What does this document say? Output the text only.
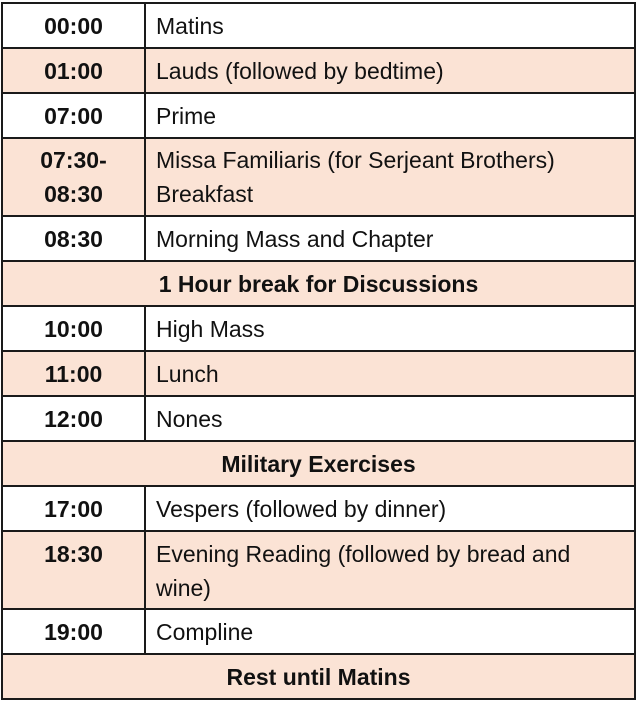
00:00	Matins
01:00	Lauds (followed by bedtime)
07:00	Prime

07:30-08:30	Missa Familiaris (for Serjeant Brothers) Breakfast

08:30	Morning Mass and Chapter
1 Hour break for Discussions	
10:00	High Mass
11:00	Lunch
12:00	Nones
Military Exercises	
17:00	Vespers (followed by dinner)
18:30	Evening Reading (followed by bread and wine)
19:00	Compline
Rest until Matins	
